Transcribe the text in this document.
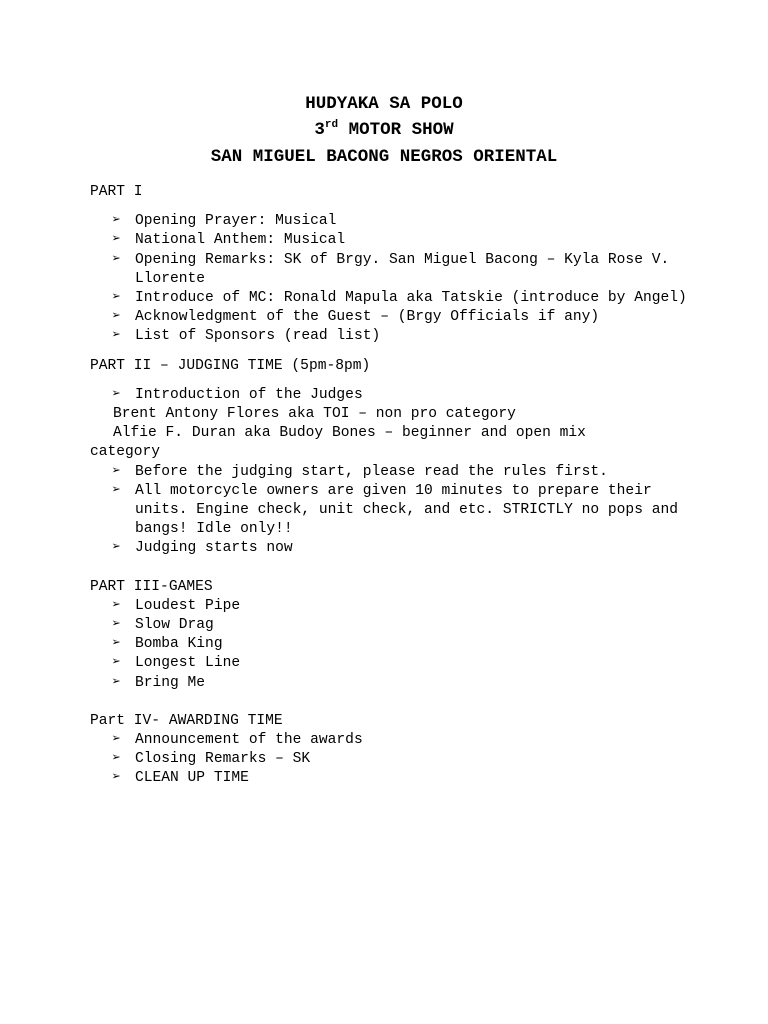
HUDYAKA SA POLO
3rd MOTOR SHOW
SAN MIGUEL BACONG NEGROS ORIENTAL
PART I
➢ Opening Prayer: Musical
➢ National Anthem: Musical
➢ Opening Remarks: SK of Brgy. San Miguel Bacong – Kyla Rose V. Llorente
➢ Introduce of MC: Ronald Mapula aka Tatskie (introduce by Angel)
➢ Acknowledgment of the Guest – (Brgy Officials if any)
➢ List of Sponsors (read list)
PART II – JUDGING TIME (5pm-8pm)
➢ Introduction of the Judges
Brent Antony Flores aka TOI – non pro category
Alfie F. Duran aka Budoy Bones – beginner and open mix
category
➢ Before the judging start, please read the rules first.
➢ All motorcycle owners are given 10 minutes to prepare their units. Engine check, unit check, and etc. STRICTLY no pops and bangs! Idle only!!
➢ Judging starts now
PART III-GAMES
➢ Loudest Pipe
➢ Slow Drag
➢ Bomba King
➢ Longest Line
➢ Bring Me
Part IV- AWARDING TIME
➢ Announcement of the awards
➢ Closing Remarks – SK
➢ CLEAN UP TIME
